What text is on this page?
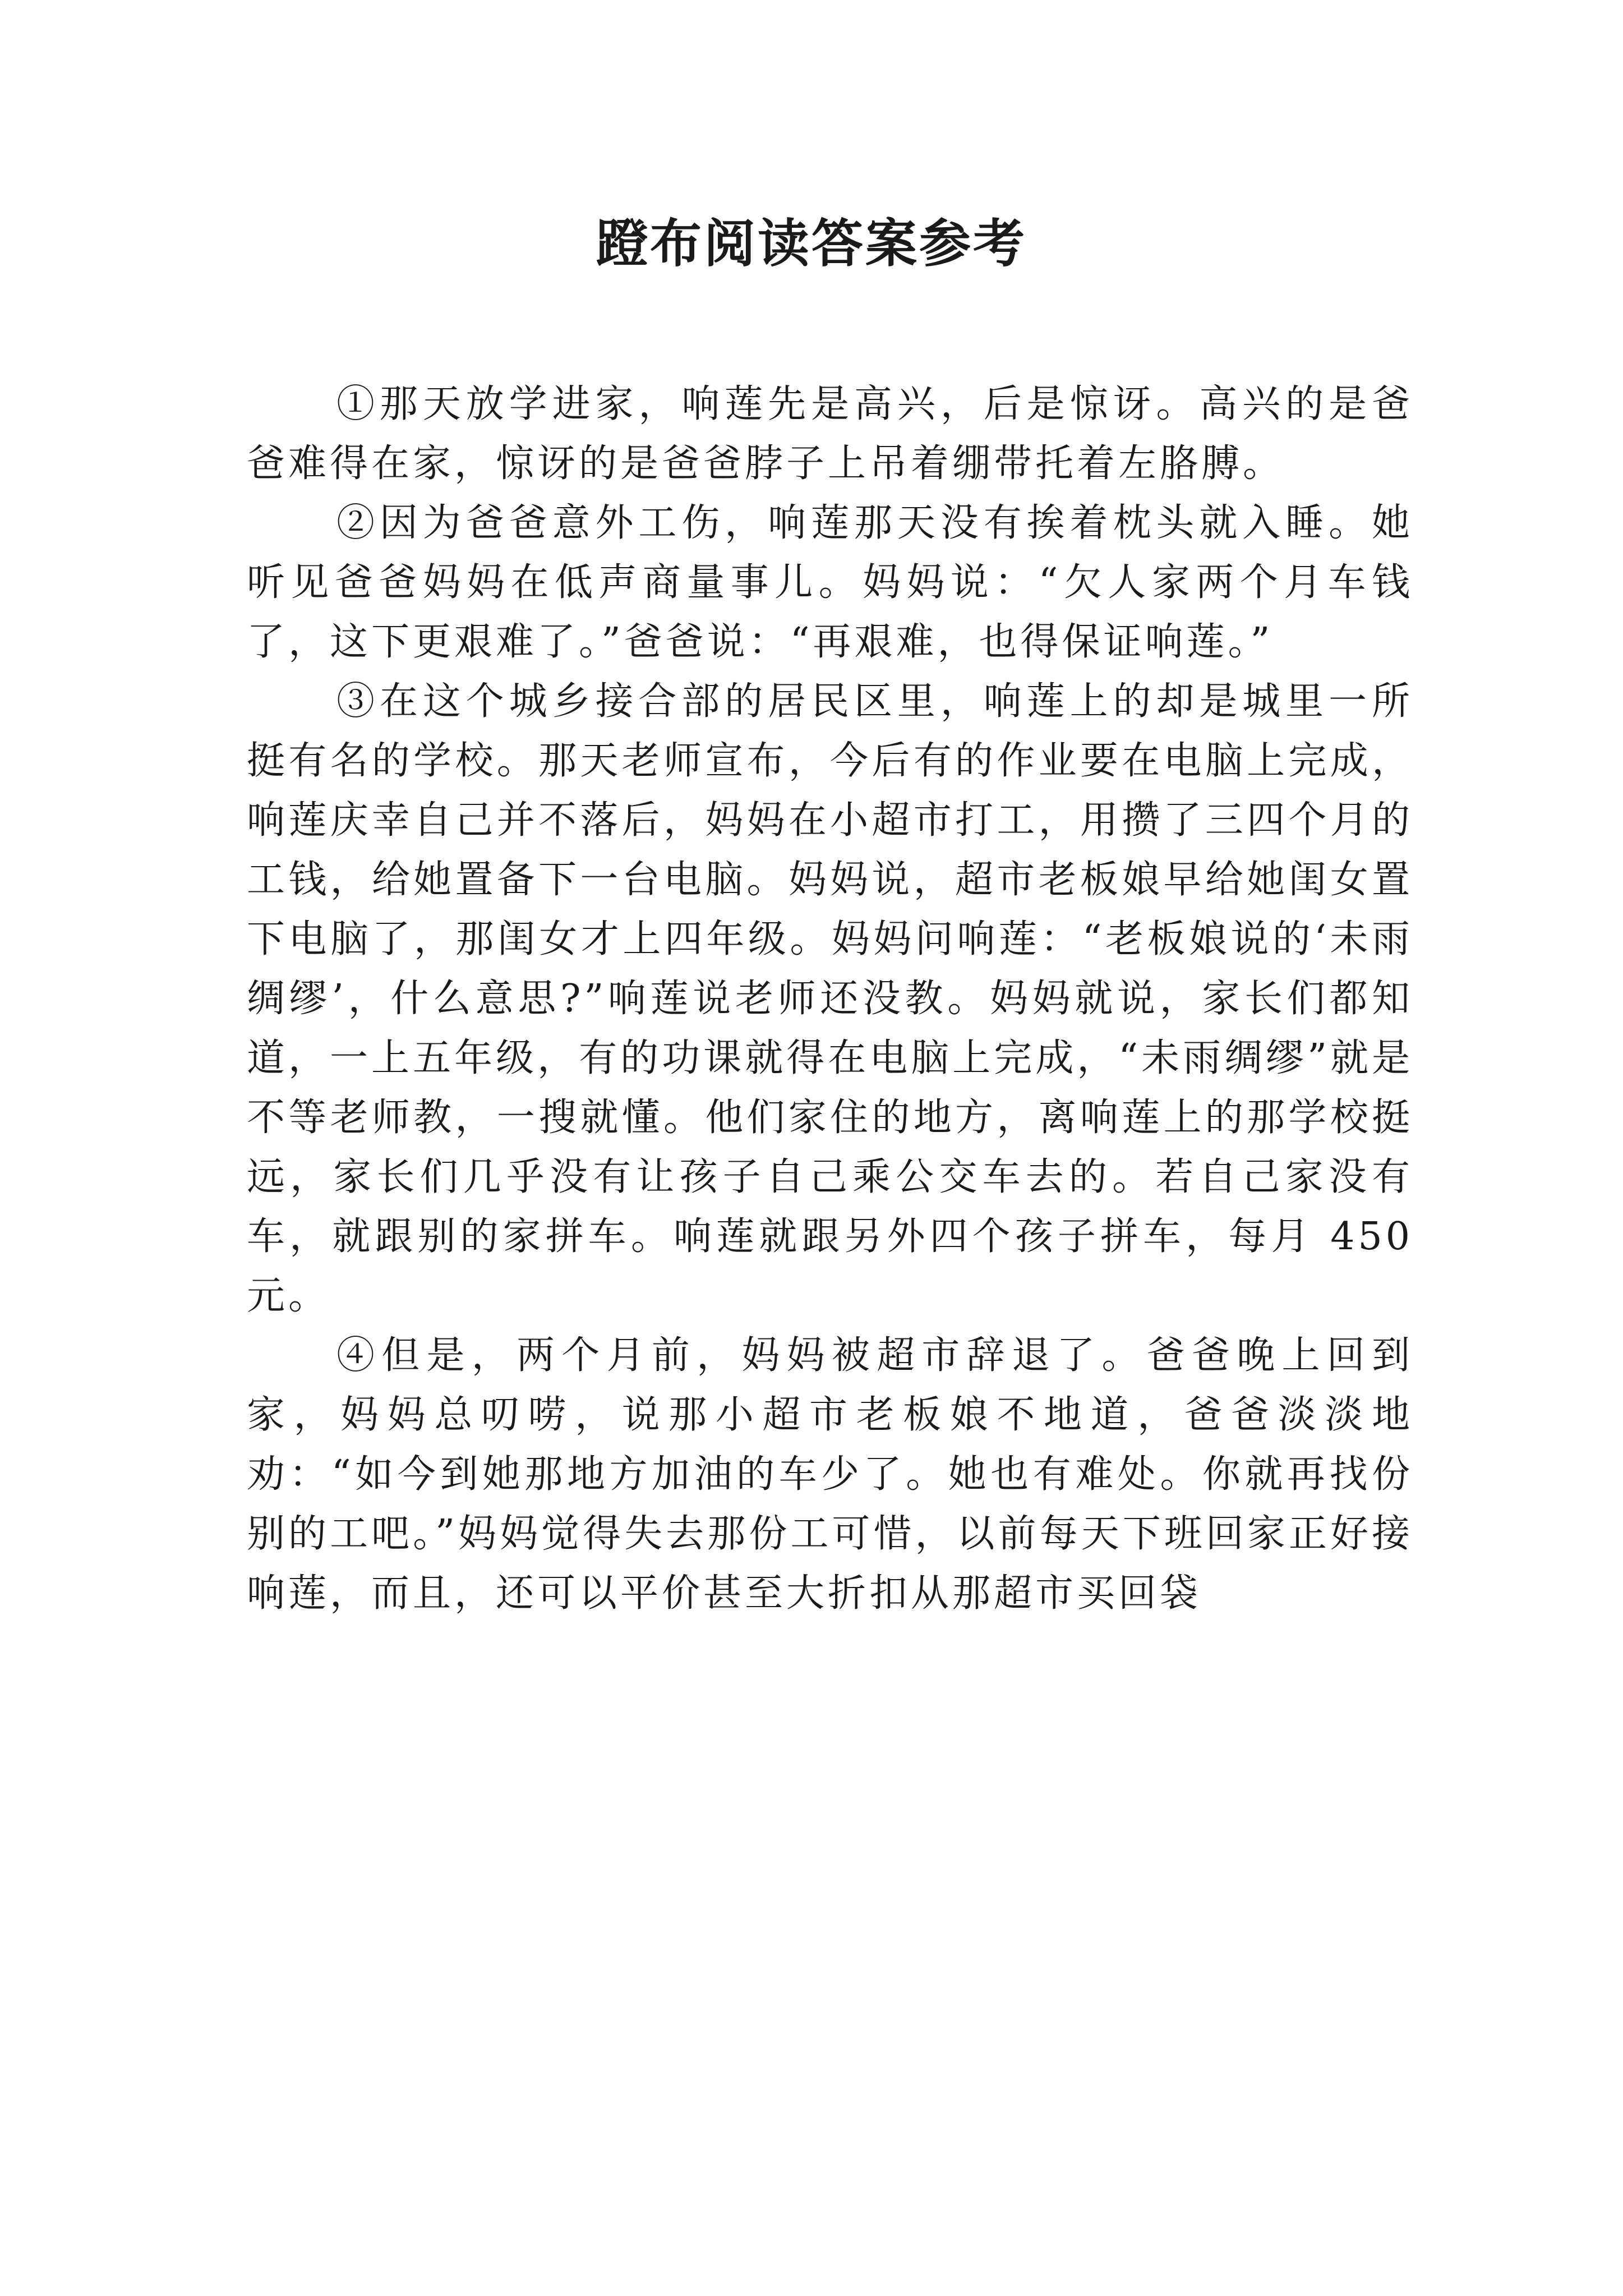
蹬布阅读答案参考

①那天放学进家，响莲先是高兴，后是惊讶。高兴的是爸爸难得在家，惊讶的是爸爸脖子上吊着绷带托着左胳膊。

②因为爸爸意外工伤，响莲那天没有挨着枕头就入睡。她听见爸爸妈妈在低声商量事儿。妈妈说：“欠人家两个月车钱了，这下更艰难了。”爸爸说：“再艰难，也得保证响莲。”

③在这个城乡接合部的居民区里，响莲上的却是城里一所挺有名的学校。那天老师宣布，今后有的作业要在电脑上完成，响莲庆幸自己并不落后，妈妈在小超市打工，用攒了三四个月的工钱，给她置备下一台电脑。妈妈说，超市老板娘早给她闺女置下电脑了，那闺女才上四年级。妈妈问响莲：“老板娘说的‘未雨绸缪’，什么意思?”响莲说老师还没教。妈妈就说，家长们都知道，一上五年级，有的功课就得在电脑上完成，“未雨绸缪”就是不等老师教，一搜就懂。他们家住的地方，离响莲上的那学校挺远，家长们几乎没有让孩子自己乘公交车去的。若自己家没有车，就跟别的家拼车。响莲就跟另外四个孩子拼车，每月 450 元。

④但是，两个月前，妈妈被超市辞退了。爸爸晚上回到家，妈妈总叨唠，说那小超市老板娘不地道，爸爸淡淡地劝：“如今到她那地方加油的车少了。她也有难处。你就再找份别的工吧。”妈妈觉得失去那份工可惜，以前每天下班回家正好接响莲，而且，还可以平价甚至大折扣从那超市买回袋
